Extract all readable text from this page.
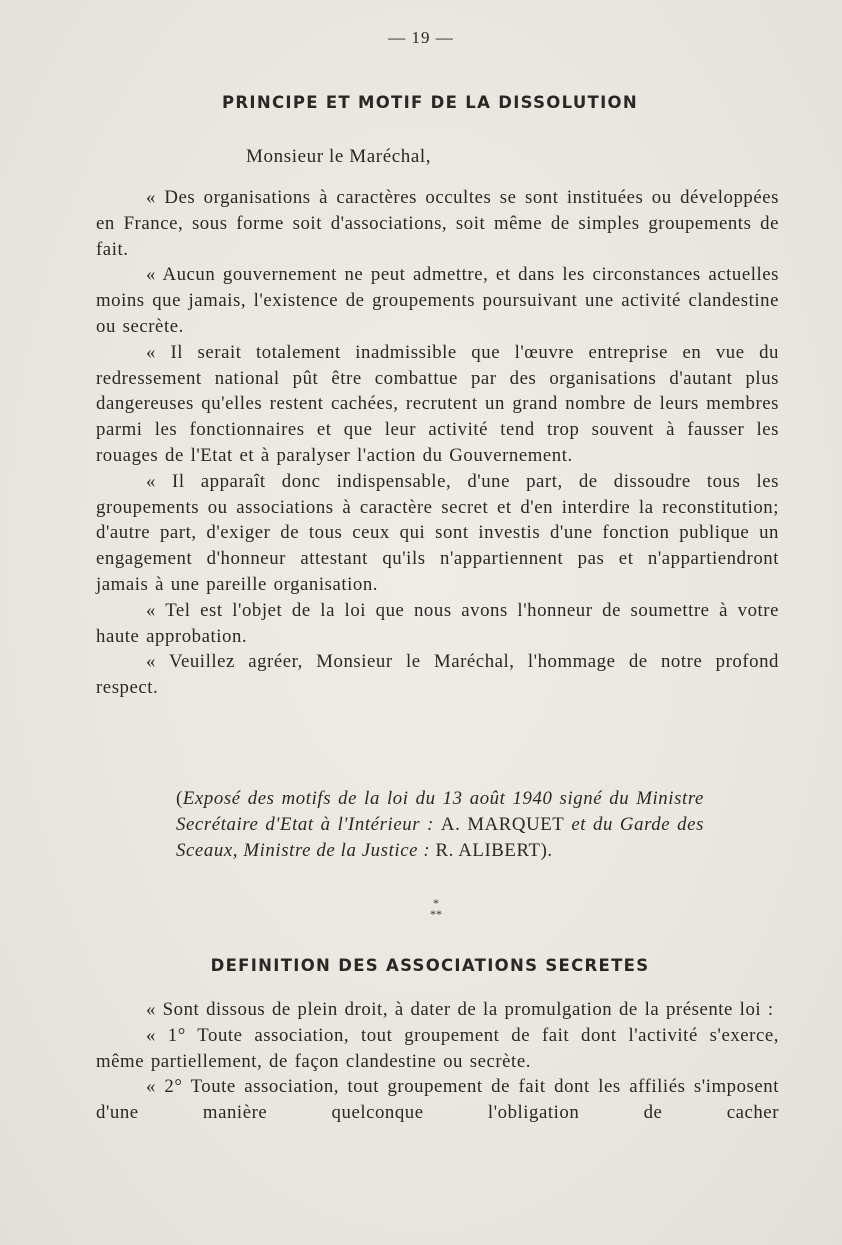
— 19 —
PRINCIPE ET MOTIF DE LA DISSOLUTION
Monsieur le Maréchal,

« Des organisations à caractères occultes se sont instituées ou développées en France, sous forme soit d'associations, soit même de simples groupements de fait.

« Aucun gouvernement ne peut admettre, et dans les circonstances actuelles moins que jamais, l'existence de groupements poursuivant une activité clandestine ou secrète.

« Il serait totalement inadmissible que l'œuvre entreprise en vue du redressement national pût être combattue par des organisations d'autant plus dangereuses qu'elles restent cachées, recrutent un grand nombre de leurs membres parmi les fonctionnaires et que leur activité tend trop souvent à fausser les rouages de l'Etat et à paralyser l'action du Gouvernement.

« Il apparaît donc indispensable, d'une part, de dissoudre tous les groupements ou associations à caractère secret et d'en interdire la reconstitution; d'autre part, d'exiger de tous ceux qui sont investis d'une fonction publique un engagement d'honneur attestant qu'ils n'appartiennent pas et n'appartiendront jamais à une pareille organisation.

« Tel est l'objet de la loi que nous avons l'honneur de soumettre à votre haute approbation.

« Veuillez agréer, Monsieur le Maréchal, l'hommage de notre profond respect.

(Exposé des motifs de la loi du 13 août 1940 signé du Ministre Secrétaire d'Etat à l'Intérieur : A. MARQUET et du Garde des Sceaux, Ministre de la Justice : R. ALIBERT).
*
**
DEFINITION DES ASSOCIATIONS SECRETES

« Sont dissous de plein droit, à dater de la promulgation de la présente loi :

« 1° Toute association, tout groupement de fait dont l'activité s'exerce, même partiellement, de façon clandestine ou secrète.

« 2° Toute association, tout groupement de fait dont les affiliés s'imposent d'une manière quelconque l'obligation de cacher
